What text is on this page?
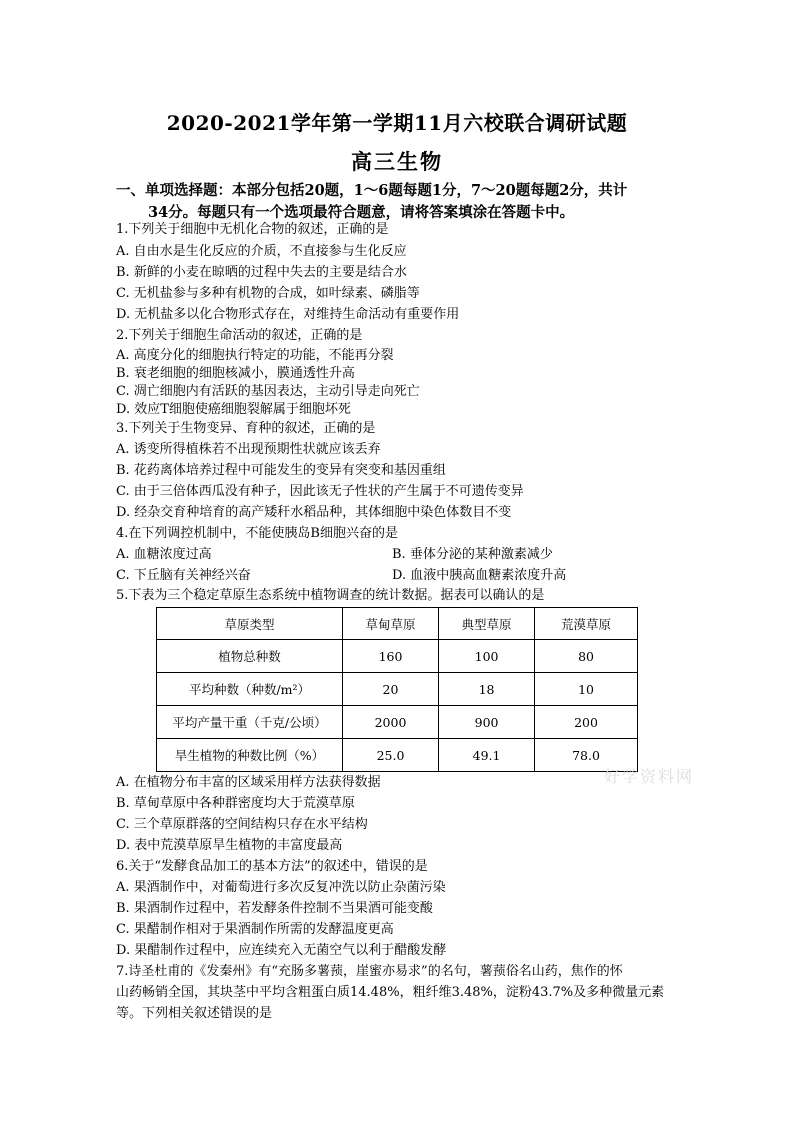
2020-2021学年第一学期11月六校联合调研试题
高三生物
一、单项选择题：本部分包括20题，1～6题每题1分，7～20题每题2分，共计

34分。每题只有一个选项最符合题意，请将答案填涂在答题卡中。
1.下列关于细胞中无机化合物的叙述，正确的是
A. 自由水是生化反应的介质，不直接参与生化反应
B. 新鲜的小麦在晾晒的过程中失去的主要是结合水
C. 无机盐参与多种有机物的合成，如叶绿素、磷脂等
D. 无机盐多以化合物形式存在，对维持生命活动有重要作用
2.下列关于细胞生命活动的叙述，正确的是
A. 高度分化的细胞执行特定的功能，不能再分裂
B. 衰老细胞的细胞核减小，膜通透性升高
C. 凋亡细胞内有活跃的基因表达，主动引导走向死亡
D. 效应T细胞使癌细胞裂解属于细胞坏死
3.下列关于生物变异、育种的叙述，正确的是
A. 诱变所得植株若不出现预期性状就应该丢弃
B. 花药离体培养过程中可能发生的变异有突变和基因重组
C. 由于三倍体西瓜没有种子，因此该无子性状的产生属于不可遗传变异
D. 经杂交育种培育的高产矮秆水稻品种，其体细胞中染色体数目不变
4.在下列调控机制中，不能使胰岛B细胞兴奋的是
A. 血糖浓度过高	B. 垂体分泌的某种激素减少
C. 下丘脑有关神经兴奋	D. 血液中胰高血糖素浓度升高
5.下表为三个稳定草原生态系统中植物调查的统计数据。据表可以确认的是
草原类型	草甸草原	典型草原	荒漠草原
植物总种数	160	100	80
平均种数（种数/m²）	20	18	10
平均产量干重（千克/公顷）	2000	900	200
旱生植物的种数比例（%）	25.0	49.1	78.0
好学资料网
A. 在植物分布丰富的区域采用样方法获得数据
B. 草甸草原中各种群密度均大于荒漠草原
C. 三个草原群落的空间结构只存在水平结构
D. 表中荒漠草原旱生植物的丰富度最高
6.关于“发酵食品加工的基本方法”的叙述中，错误的是
A. 果酒制作中，对葡萄进行多次反复冲洗以防止杂菌污染
B. 果酒制作过程中，若发酵条件控制不当果酒可能变酸
C. 果醋制作相对于果酒制作所需的发酵温度更高
D. 果醋制作过程中，应连续充入无菌空气以利于醋酸发酵
7.诗圣杜甫的《发秦州》有“充肠多薯蓣，崖蜜亦易求”的名句，薯蓣俗名山药，焦作的怀
山药畅销全国，其块茎中平均含粗蛋白质14.48%，粗纤维3.48%，淀粉43.7%及多种微量元素
等。下列相关叙述错误的是
